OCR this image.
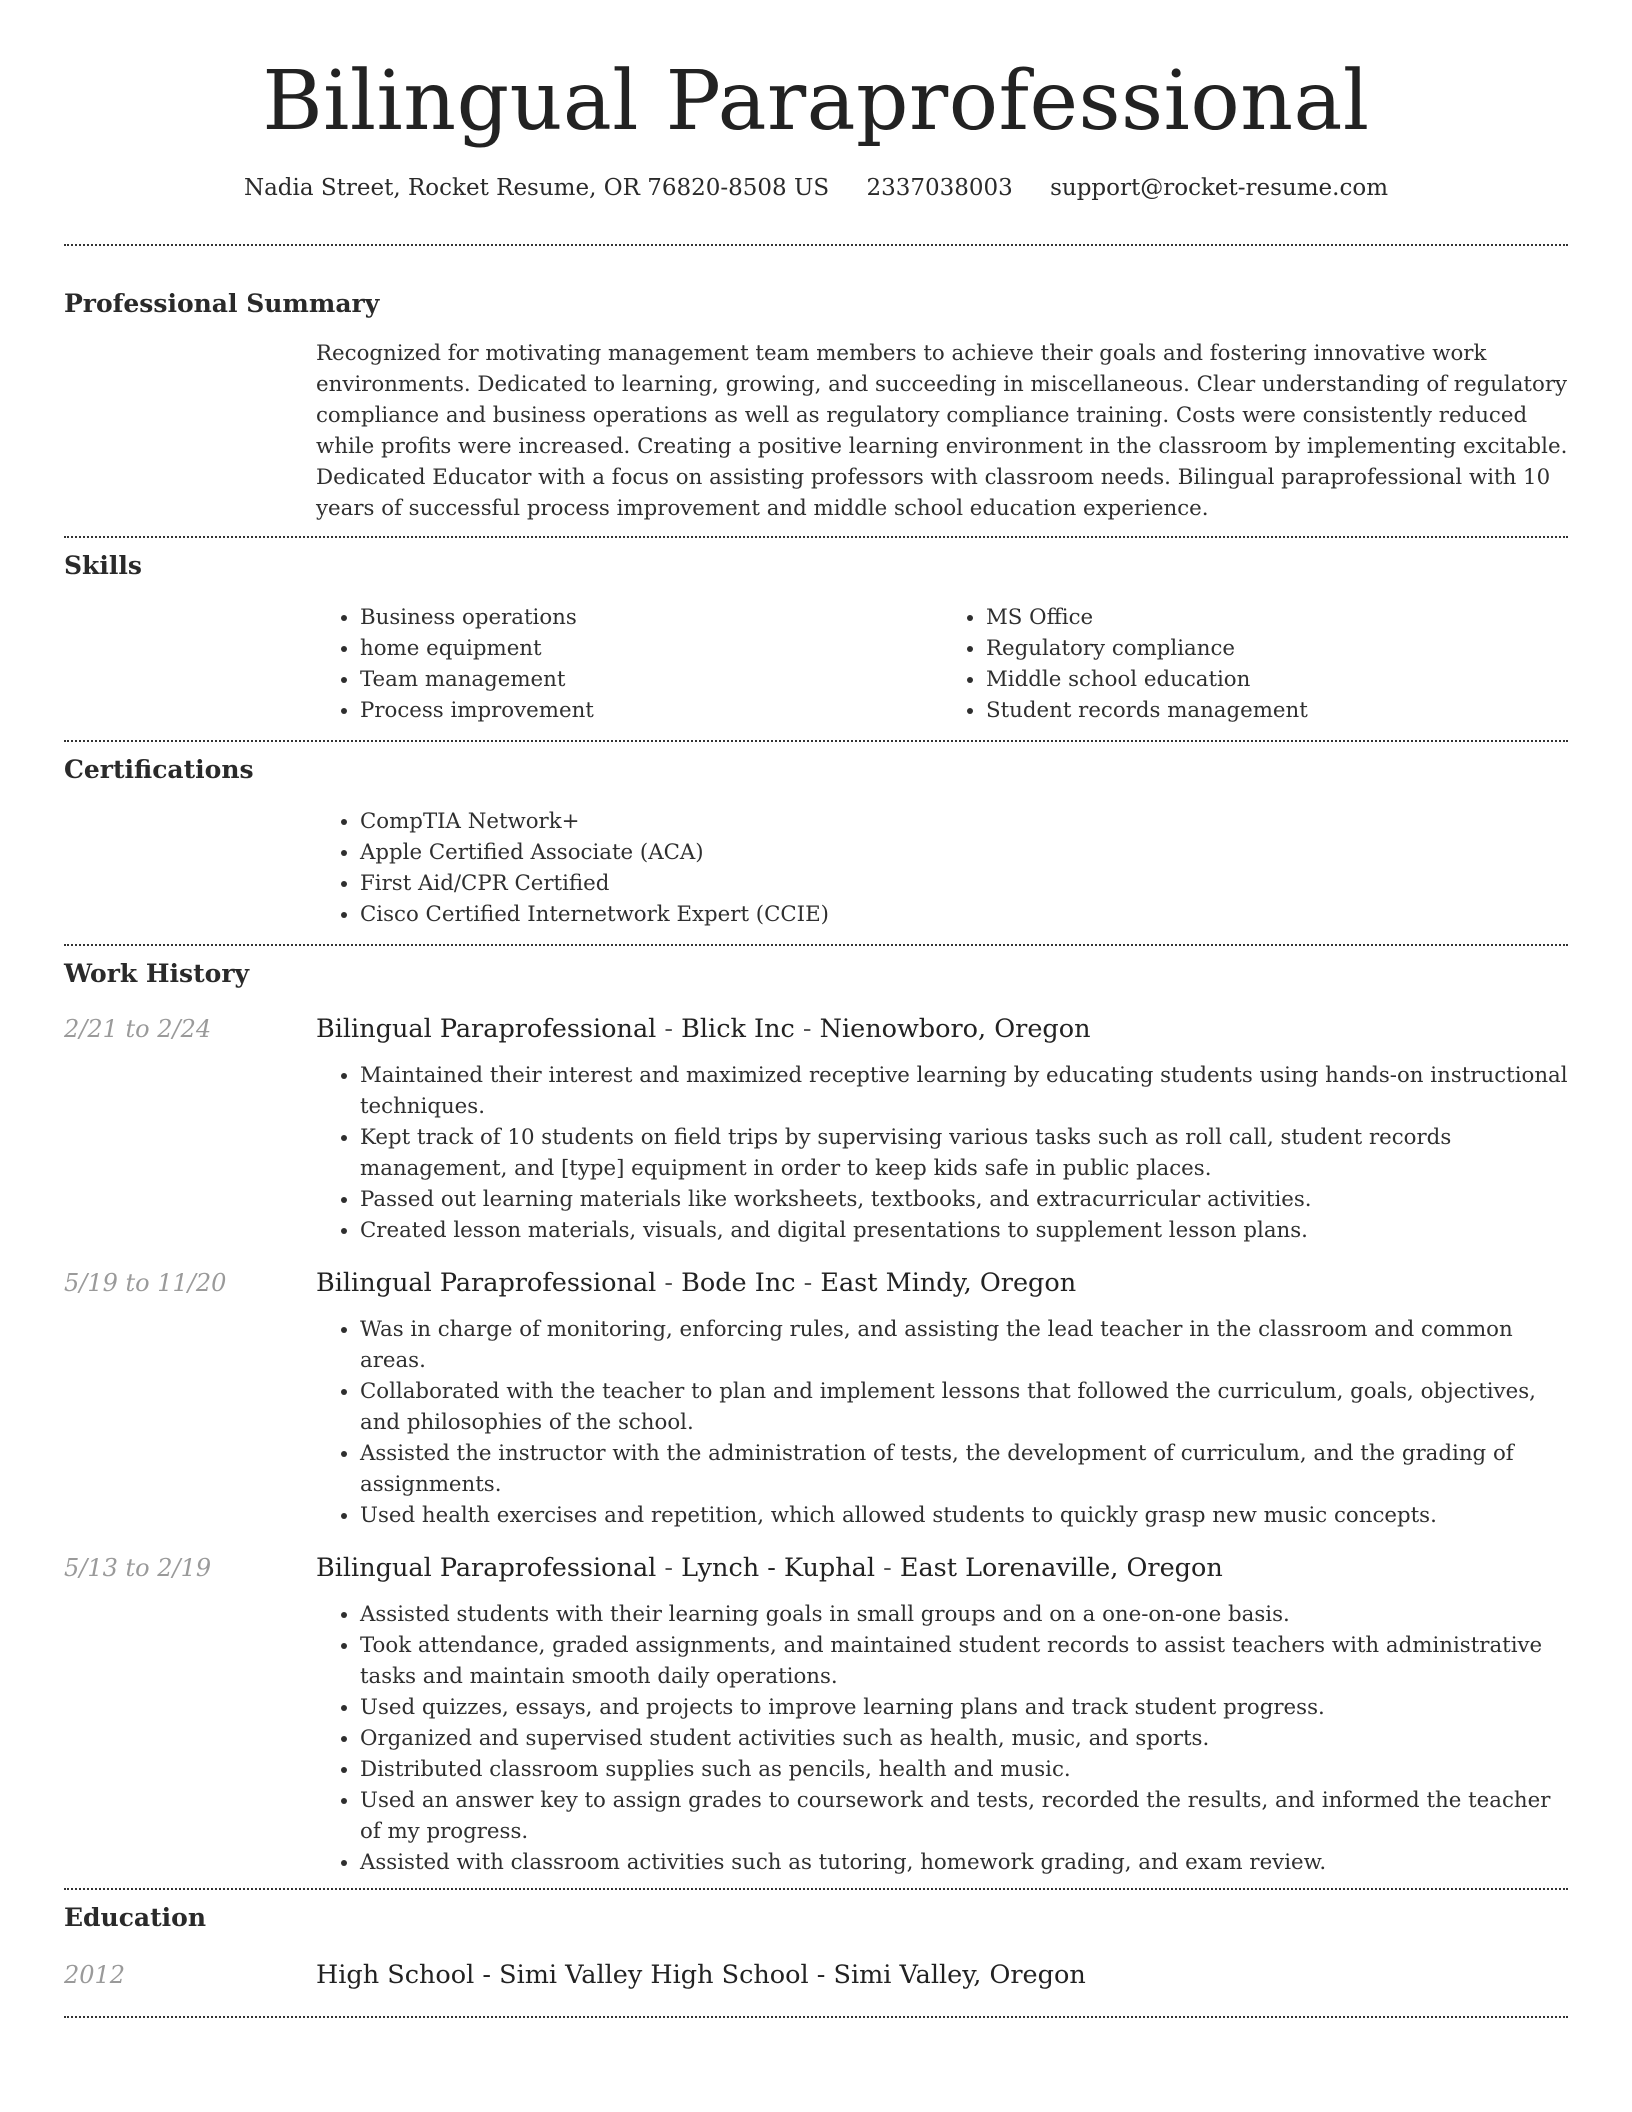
Bilingual Paraprofessional
Nadia Street, Rocket Resume, OR 76820-8508 US 2337038003 support@rocket-resume.com
Professional Summary
Recognized for motivating management team members to achieve their goals and fostering innovative work environments. Dedicated to learning, growing, and succeeding in miscellaneous. Clear understanding of regulatory compliance and business operations as well as regulatory compliance training. Costs were consistently reduced while profits were increased. Creating a positive learning environment in the classroom by implementing excitable. Dedicated Educator with a focus on assisting professors with classroom needs. Bilingual paraprofessional with 10 years of successful process improvement and middle school education experience.
Skills
• Business operations
• home equipment
• Team management
• Process improvement
• MS Office
• Regulatory compliance
• Middle school education
• Student records management
Certifications
• CompTIA Network+
• Apple Certified Associate (ACA)
• First Aid/CPR Certified
• Cisco Certified Internetwork Expert (CCIE)
Work History
2/21 to 2/24	Bilingual Paraprofessional - Blick Inc - Nienowboro, Oregon
• Maintained their interest and maximized receptive learning by educating students using hands-on instructional techniques.
• Kept track of 10 students on field trips by supervising various tasks such as roll call, student records management, and [type] equipment in order to keep kids safe in public places.
• Passed out learning materials like worksheets, textbooks, and extracurricular activities.
• Created lesson materials, visuals, and digital presentations to supplement lesson plans.
5/19 to 11/20	Bilingual Paraprofessional - Bode Inc - East Mindy, Oregon
• Was in charge of monitoring, enforcing rules, and assisting the lead teacher in the classroom and common areas.
• Collaborated with the teacher to plan and implement lessons that followed the curriculum, goals, objectives, and philosophies of the school.
• Assisted the instructor with the administration of tests, the development of curriculum, and the grading of assignments.
• Used health exercises and repetition, which allowed students to quickly grasp new music concepts.
5/13 to 2/19	Bilingual Paraprofessional - Lynch - Kuphal - East Lorenaville, Oregon
• Assisted students with their learning goals in small groups and on a one-on-one basis.
• Took attendance, graded assignments, and maintained student records to assist teachers with administrative tasks and maintain smooth daily operations.
• Used quizzes, essays, and projects to improve learning plans and track student progress.
• Organized and supervised student activities such as health, music, and sports.
• Distributed classroom supplies such as pencils, health and music.
• Used an answer key to assign grades to coursework and tests, recorded the results, and informed the teacher of my progress.
• Assisted with classroom activities such as tutoring, homework grading, and exam review.
Education
2012	High School - Simi Valley High School - Simi Valley, Oregon
